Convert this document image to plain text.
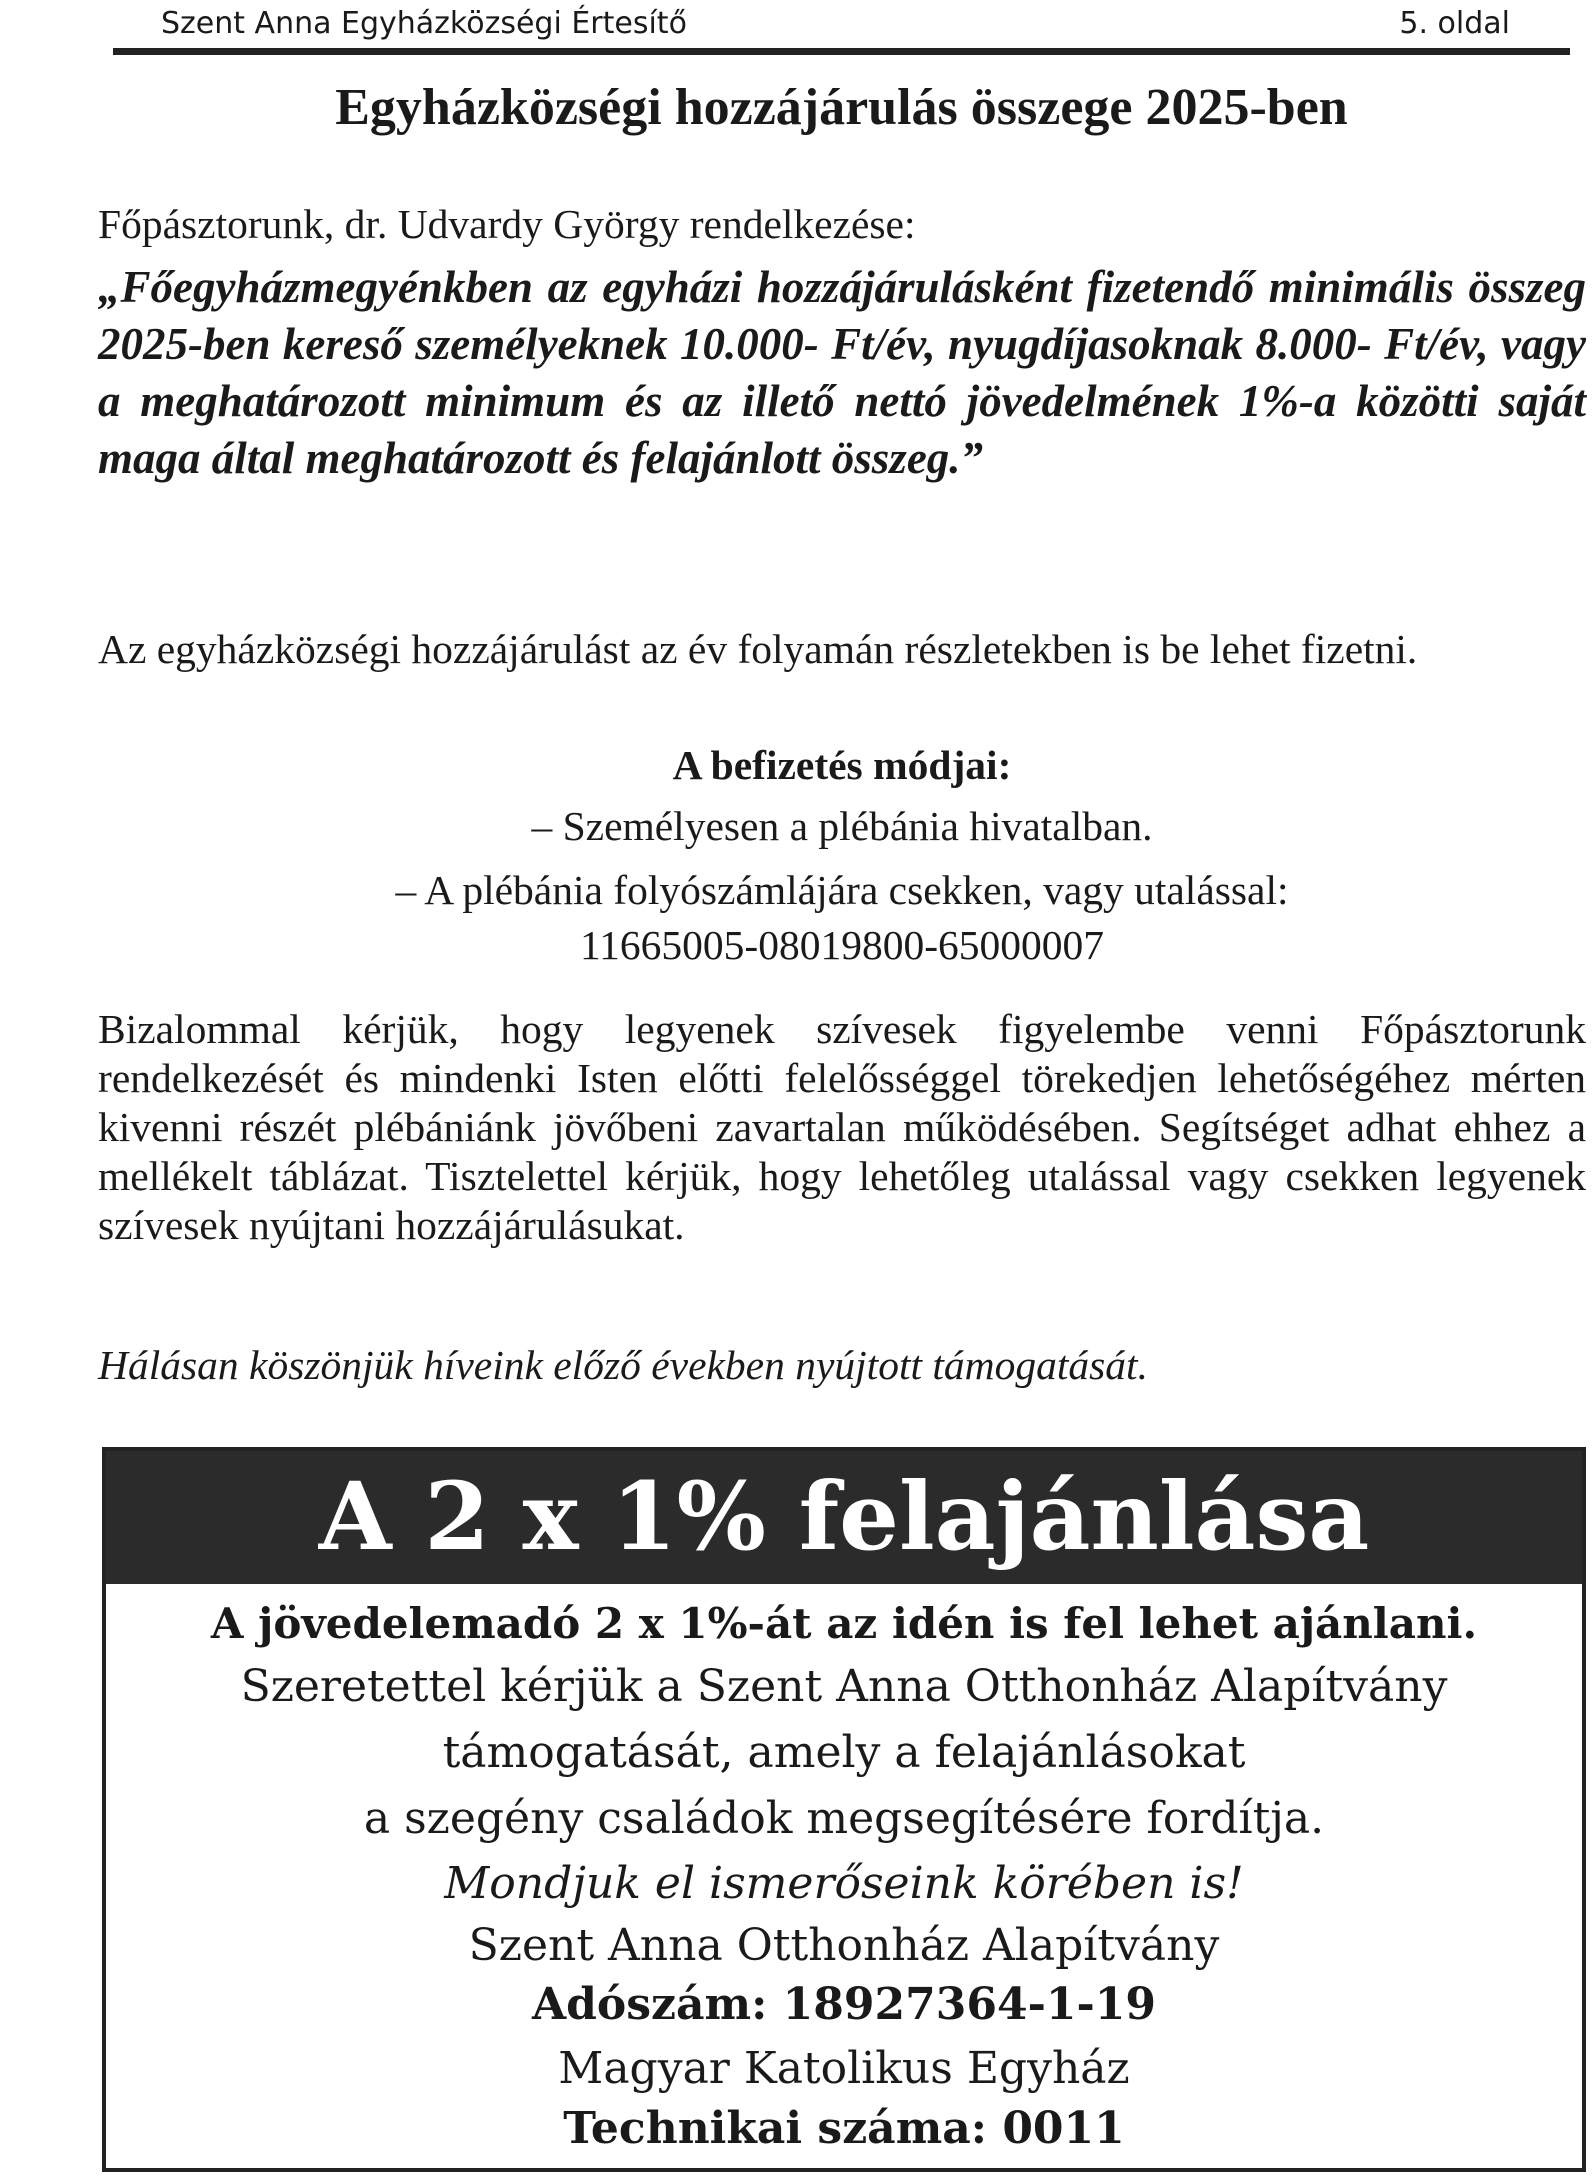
Szent Anna Egyházközségi Értesítő	5. oldal
Egyházközségi hozzájárulás összege 2025-ben
Főpásztorunk, dr. Udvardy György rendelkezése:
„Főegyházmegyénkben az egyházi hozzájárulásként fizetendő minimális összeg 2025-ben kereső személyeknek 10.000- Ft/év, nyugdíjasoknak 8.000- Ft/év, vagy a meghatározott minimum és az illető nettó jövedelmének 1%-a közötti saját maga által meghatározott és felajánlott összeg.”
Az egyházközségi hozzájárulást az év folyamán részletekben is be lehet fizetni.
A befizetés módjai:
– Személyesen a plébánia hivatalban.
– A plébánia folyószámlájára csekken, vagy utalással:
11665005-08019800-65000007
Bizalommal kérjük, hogy legyenek szívesek figyelembe venni Főpásztorunk rendelkezését és mindenki Isten előtti felelősséggel törekedjen lehetőségéhez mérten kivenni részét plébániánk jövőbeni zavartalan működésében. Segítséget adhat ehhez a mellékelt táblázat. Tisztelettel kérjük, hogy lehetőleg utalással vagy csekken legyenek szívesek nyújtani hozzájárulásukat.
Hálásan köszönjük híveink előző években nyújtott támogatását.
A 2 x 1% felajánlása
A jövedelemadó 2 x 1%-át az idén is fel lehet ajánlani.
Szeretettel kérjük a Szent Anna Otthonház Alapítvány
támogatását, amely a felajánlásokat
a szegény családok megsegítésére fordítja.
Mondjuk el ismerőseink körében is!
Szent Anna Otthonház Alapítvány
Adószám: 18927364-1-19
Magyar Katolikus Egyház
Technikai száma: 0011
